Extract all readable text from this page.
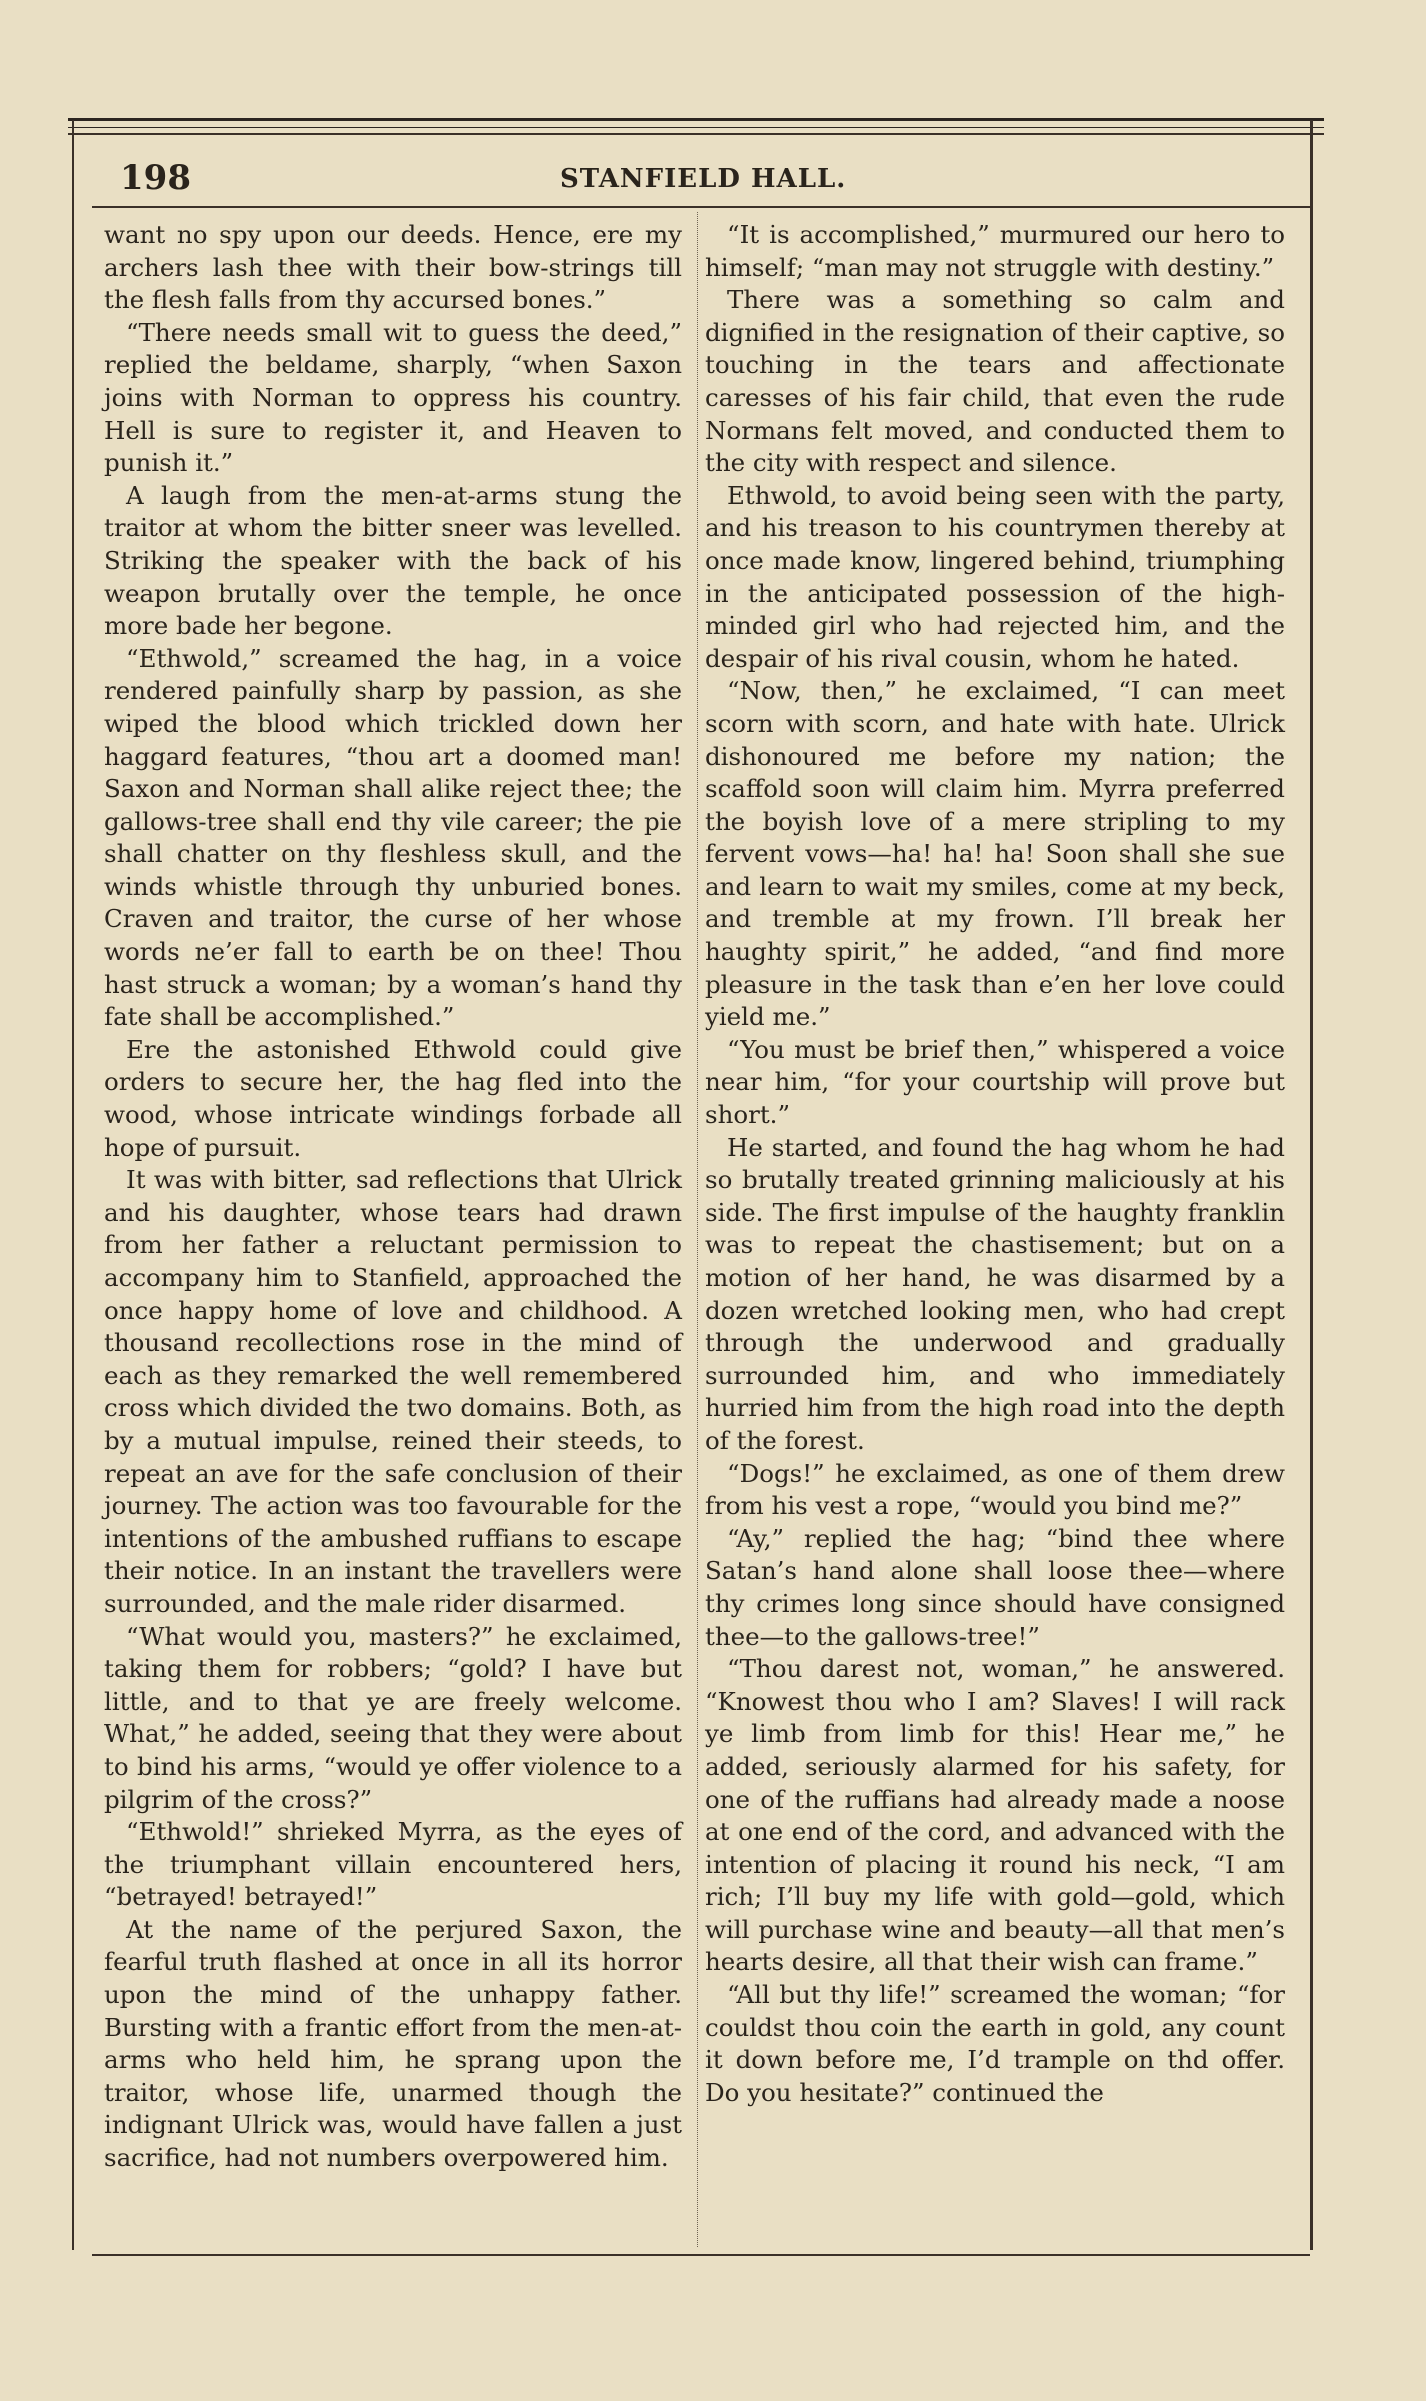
198	STANFIELD HALL.

want no spy upon our deeds. Hence, ere my archers lash thee with their bow-strings till the flesh falls from thy accursed bones.”

“There needs small wit to guess the deed,” replied the beldame, sharply, “when Saxon joins with Norman to oppress his country. Hell is sure to register it, and Heaven to punish it.”

A laugh from the men-at-arms stung the traitor at whom the bitter sneer was levelled. Striking the speaker with the back of his weapon brutally over the temple, he once more bade her begone.

“Ethwold,” screamed the hag, in a voice rendered painfully sharp by passion, as she wiped the blood which trickled down her haggard features, “thou art a doomed man! Saxon and Norman shall alike reject thee; the gallows-tree shall end thy vile career; the pie shall chatter on thy fleshless skull, and the winds whistle through thy unburied bones. Craven and traitor, the curse of her whose words ne’er fall to earth be on thee! Thou hast struck a woman; by a woman’s hand thy fate shall be accomplished.”

Ere the astonished Ethwold could give orders to secure her, the hag fled into the wood, whose intricate windings forbade all hope of pursuit.

It was with bitter, sad reflections that Ulrick and his daughter, whose tears had drawn from her father a reluctant permission to accompany him to Stanfield, approached the once happy home of love and childhood. A thousand recollections rose in the mind of each as they remarked the well remembered cross which divided the two domains. Both, as by a mutual impulse, reined their steeds, to repeat an ave for the safe conclusion of their journey. The action was too favourable for the intentions of the ambushed ruffians to escape their notice. In an instant the travellers were surrounded, and the male rider disarmed.

“What would you, masters?” he exclaimed, taking them for robbers; “gold? I have but little, and to that ye are freely welcome. What,” he added, seeing that they were about to bind his arms, “would ye offer violence to a pilgrim of the cross?”

“Ethwold!” shrieked Myrra, as the eyes of the triumphant villain encountered hers, “betrayed! betrayed!”

At the name of the perjured Saxon, the fearful truth flashed at once in all its horror upon the mind of the unhappy father. Bursting with a frantic effort from the men-at-arms who held him, he sprang upon the traitor, whose life, unarmed though the indignant Ulrick was, would have fallen a just sacrifice, had not numbers overpowered him.

“It is accomplished,” murmured our hero to himself; “man may not struggle with destiny.”

There was a something so calm and dignified in the resignation of their captive, so touching in the tears and affectionate caresses of his fair child, that even the rude Normans felt moved, and conducted them to the city with respect and silence.

Ethwold, to avoid being seen with the party, and his treason to his countrymen thereby at once made know, lingered behind, triumphing in the anticipated possession of the high-minded girl who had rejected him, and the despair of his rival cousin, whom he hated.

“Now, then,” he exclaimed, “I can meet scorn with scorn, and hate with hate. Ulrick dishonoured me before my nation; the scaffold soon will claim him. Myrra preferred the boyish love of a mere stripling to my fervent vows—ha! ha! ha! Soon shall she sue and learn to wait my smiles, come at my beck, and tremble at my frown. I’ll break her haughty spirit,” he added, “and find more pleasure in the task than e’en her love could yield me.”

“You must be brief then,” whispered a voice near him, “for your courtship will prove but short.”

He started, and found the hag whom he had so brutally treated grinning maliciously at his side. The first impulse of the haughty franklin was to repeat the chastisement; but on a motion of her hand, he was disarmed by a dozen wretched looking men, who had crept through the underwood and gradually surrounded him, and who immediately hurried him from the high road into the depth of the forest.

“Dogs!” he exclaimed, as one of them drew from his vest a rope, “would you bind me?”

“Ay,” replied the hag; “bind thee where Satan’s hand alone shall loose thee—where thy crimes long since should have consigned thee—to the gallows-tree!”

“Thou darest not, woman,” he answered. “Knowest thou who I am? Slaves! I will rack ye limb from limb for this! Hear me,” he added, seriously alarmed for his safety, for one of the ruffians had already made a noose at one end of the cord, and advanced with the intention of placing it round his neck, “I am rich; I’ll buy my life with gold—gold, which will purchase wine and beauty—all that men’s hearts desire, all that their wish can frame.”

“All but thy life!” screamed the woman; “for couldst thou coin the earth in gold, any count it down before me, I’d trample on thd offer. Do you hesitate?” continued the
